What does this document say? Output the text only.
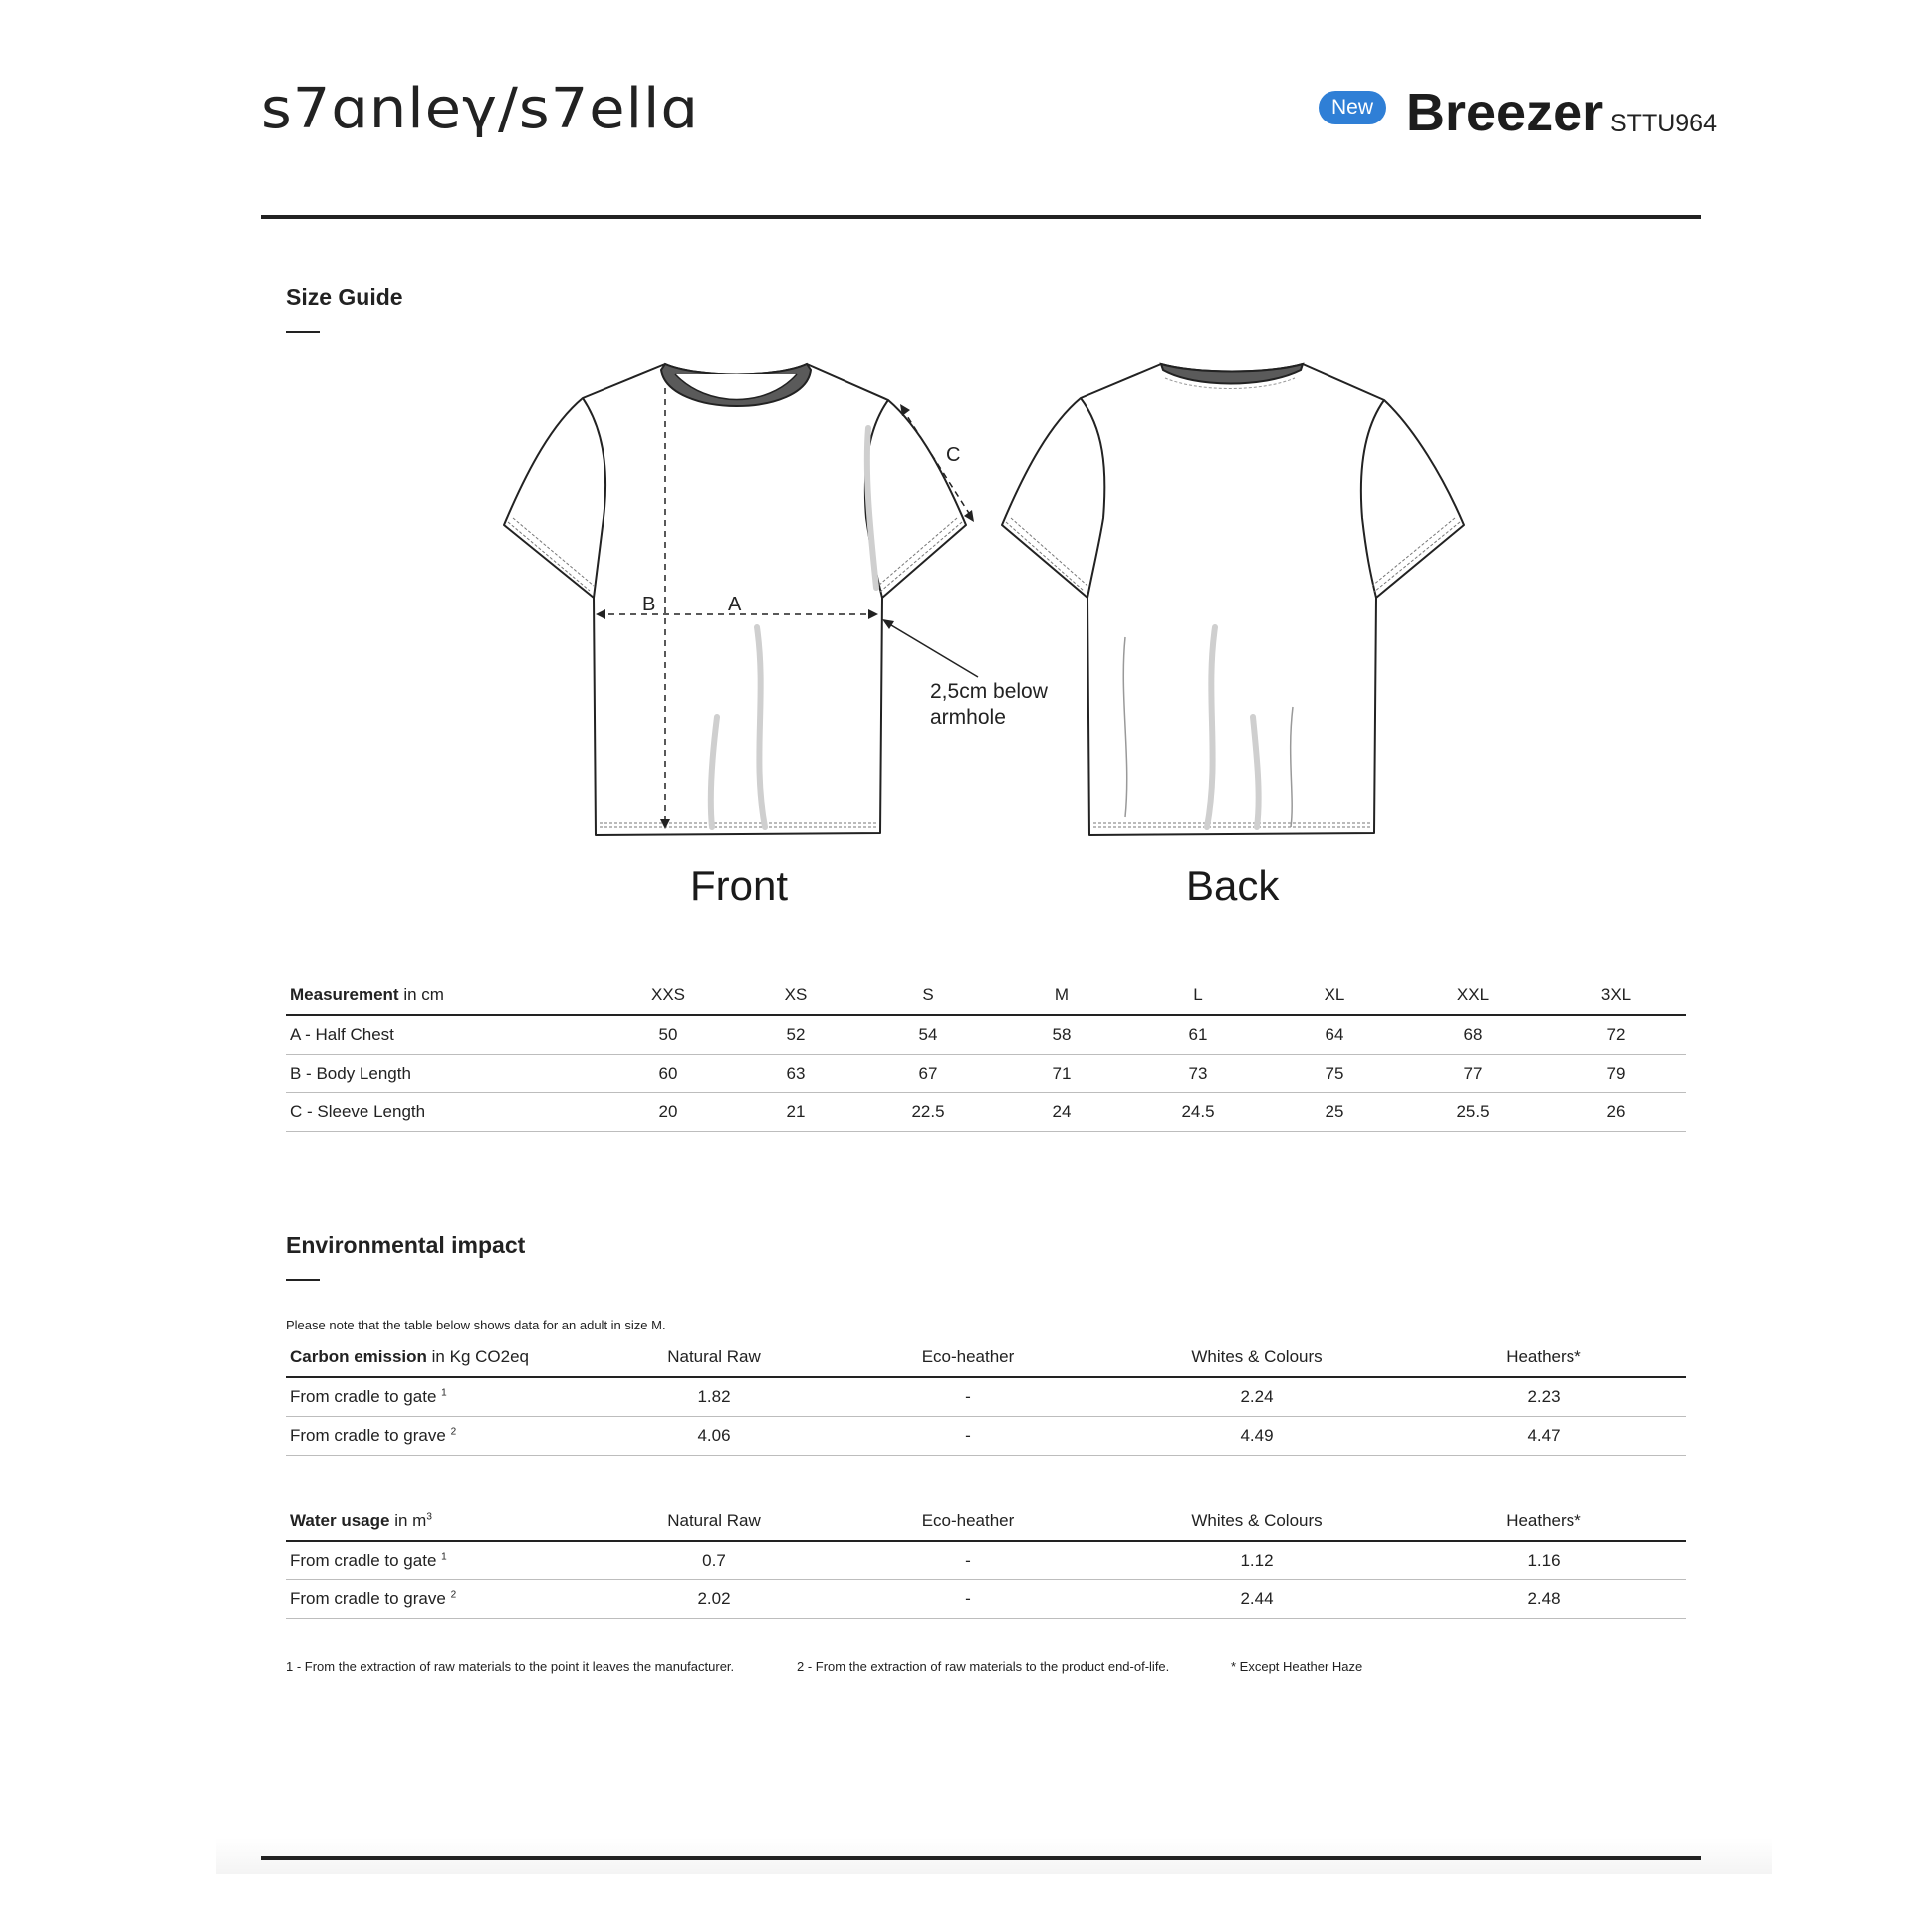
ѕ7ɑnleγ/ѕ7ellɑ	New Breezer STTU964
Size Guide
B	A
C
2,5cm below
armhole
Front	Back
Measurement in cm	XXS	XS	S	M	L	XL	XXL	3XL
A - Half Chest	50	52	54	58	61	64	68	72
B - Body Length	60	63	67	71	73	75	77	79
C - Sleeve Length	20	21	22.5	24	24.5	25	25.5	26
Environmental impact
Please note that the table below shows data for an adult in size M.
Carbon emission in Kg CO2eq	Natural Raw	Eco-heather	Whites & Colours	Heathers*
From cradle to gate $^1$	1.82	-	2.24	2.23
From cradle to grave $^2$	4.06	-	4.49	4.47
Water usage in $m^3$	Natural Raw	Eco-heather	Whites & Colours	Heathers*
From cradle to gate $^1$	0.7	-	1.12	1.16
From cradle to grave $^2$	2.02	-	2.44	2.48
1 - From the extraction of raw materials to the point it leaves the manufacturer.	2 - From the extraction of raw materials to the product end-of-life.	* Except Heather Haze
